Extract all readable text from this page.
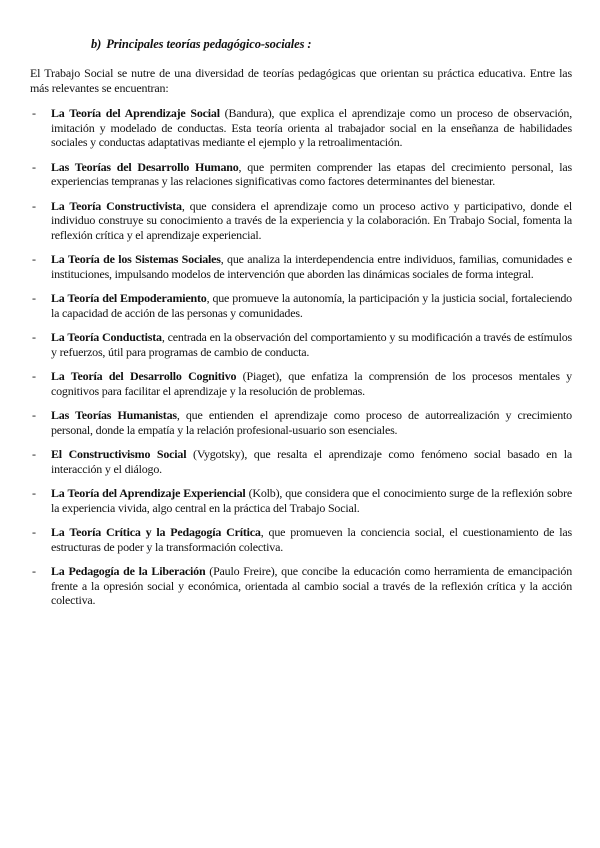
b) Principales teorías pedagógico-sociales :

El Trabajo Social se nutre de una diversidad de teorías pedagógicas que orientan su práctica educativa. Entre las más relevantes se encuentran:

- La Teoría del Aprendizaje Social (Bandura), que explica el aprendizaje como un proceso de observación, imitación y modelado de conductas. Esta teoría orienta al trabajador social en la enseñanza de habilidades sociales y conductas adaptativas mediante el ejemplo y la retroalimentación.
- Las Teorías del Desarrollo Humano, que permiten comprender las etapas del crecimiento personal, las experiencias tempranas y las relaciones significativas como factores determinantes del bienestar.
- La Teoría Constructivista, que considera el aprendizaje como un proceso activo y participativo, donde el individuo construye su conocimiento a través de la experiencia y la colaboración. En Trabajo Social, fomenta la reflexión crítica y el aprendizaje experiencial.
- La Teoría de los Sistemas Sociales, que analiza la interdependencia entre individuos, familias, comunidades e instituciones, impulsando modelos de intervención que aborden las dinámicas sociales de forma integral.
- La Teoría del Empoderamiento, que promueve la autonomía, la participación y la justicia social, fortaleciendo la capacidad de acción de las personas y comunidades.
- La Teoría Conductista, centrada en la observación del comportamiento y su modificación a través de estímulos y refuerzos, útil para programas de cambio de conducta.
- La Teoría del Desarrollo Cognitivo (Piaget), que enfatiza la comprensión de los procesos mentales y cognitivos para facilitar el aprendizaje y la resolución de problemas.
- Las Teorías Humanistas, que entienden el aprendizaje como proceso de autorrealización y crecimiento personal, donde la empatía y la relación profesional-usuario son esenciales.
- El Constructivismo Social (Vygotsky), que resalta el aprendizaje como fenómeno social basado en la interacción y el diálogo.
- La Teoría del Aprendizaje Experiencial (Kolb), que considera que el conocimiento surge de la reflexión sobre la experiencia vivida, algo central en la práctica del Trabajo Social.
- La Teoría Crítica y la Pedagogía Crítica, que promueven la conciencia social, el cuestionamiento de las estructuras de poder y la transformación colectiva.
- La Pedagogía de la Liberación (Paulo Freire), que concibe la educación como herramienta de emancipación frente a la opresión social y económica, orientada al cambio social a través de la reflexión crítica y la acción colectiva.
